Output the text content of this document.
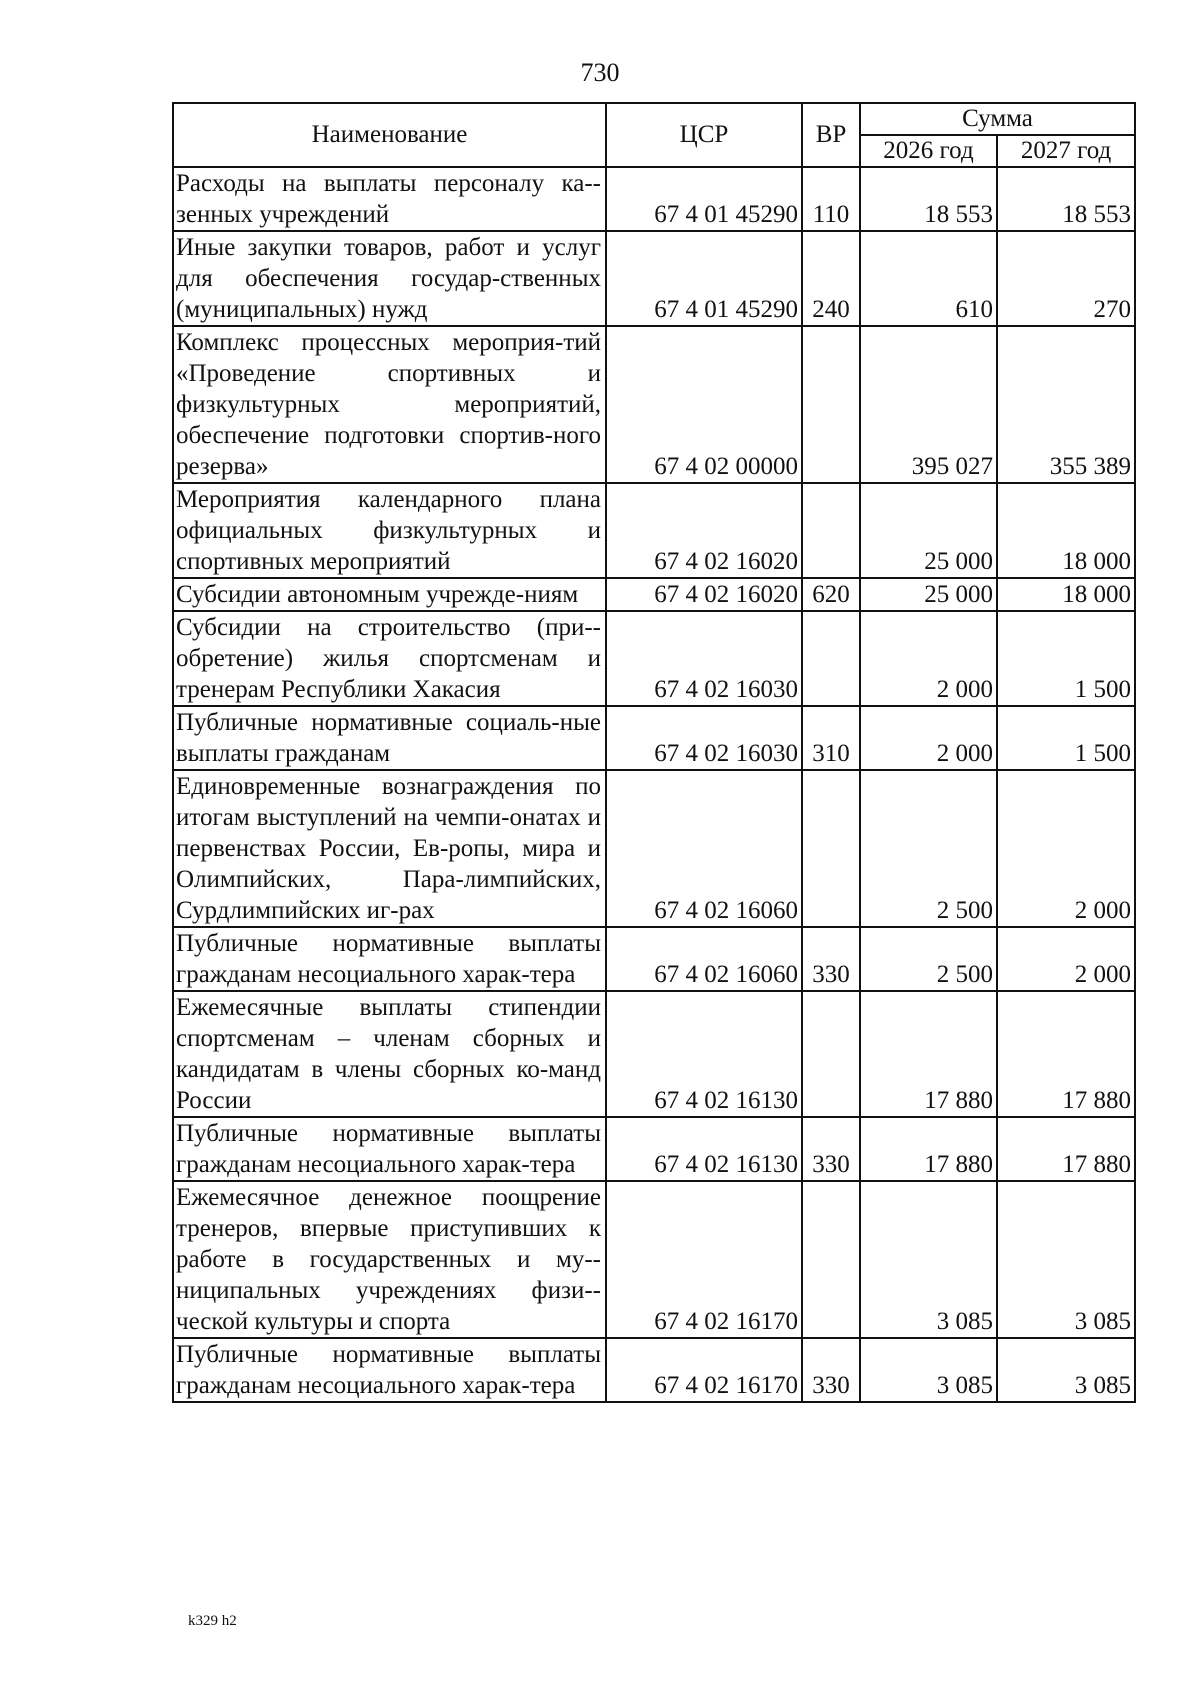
730
Наименование	ЦСР	ВР	Сумма	
			2026 год	2027 год
Расходы на выплаты персоналу ка-зенных учреждений	67 4 01 45290	110	18 553	18 553
Иные закупки товаров, работ и услуг для обеспечения государ-ственных (муниципальных) нужд	67 4 01 45290	240	610	270
Комплекс процессных мероприя-тий «Проведение спортивных и физкультурных мероприятий, обеспечение подготовки спортив-ного резерва»	67 4 02 00000		395 027	355 389
Мероприятия календарного плана официальных физкультурных и спортивных мероприятий	67 4 02 16020		25 000	18 000
Субсидии автономным учрежде-ниям	67 4 02 16020	620	25 000	18 000
Субсидии на строительство (при-обретение) жилья спортсменам и тренерам Республики Хакасия	67 4 02 16030		2 000	1 500
Публичные нормативные социаль-ные выплаты гражданам	67 4 02 16030	310	2 000	1 500
Единовременные вознаграждения по итогам выступлений на чемпи-онатах и первенствах России, Ев-ропы, мира и Олимпийских, Пара-лимпийских, Сурдлимпийских иг-рах	67 4 02 16060		2 500	2 000
Публичные нормативные выплаты гражданам несоциального харак-тера	67 4 02 16060	330	2 500	2 000
Ежемесячные выплаты стипендии спортсменам – членам сборных и кандидатам в члены сборных ко-манд России	67 4 02 16130		17 880	17 880
Публичные нормативные выплаты гражданам несоциального харак-тера	67 4 02 16130	330	17 880	17 880
Ежемесячное денежное поощрение тренеров, впервые приступивших к работе в государственных и му-ниципальных учреждениях физи-ческой культуры и спорта	67 4 02 16170		3 085	3 085
Публичные нормативные выплаты гражданам несоциального харак-тера	67 4 02 16170	330	3 085	3 085
k329 h2
